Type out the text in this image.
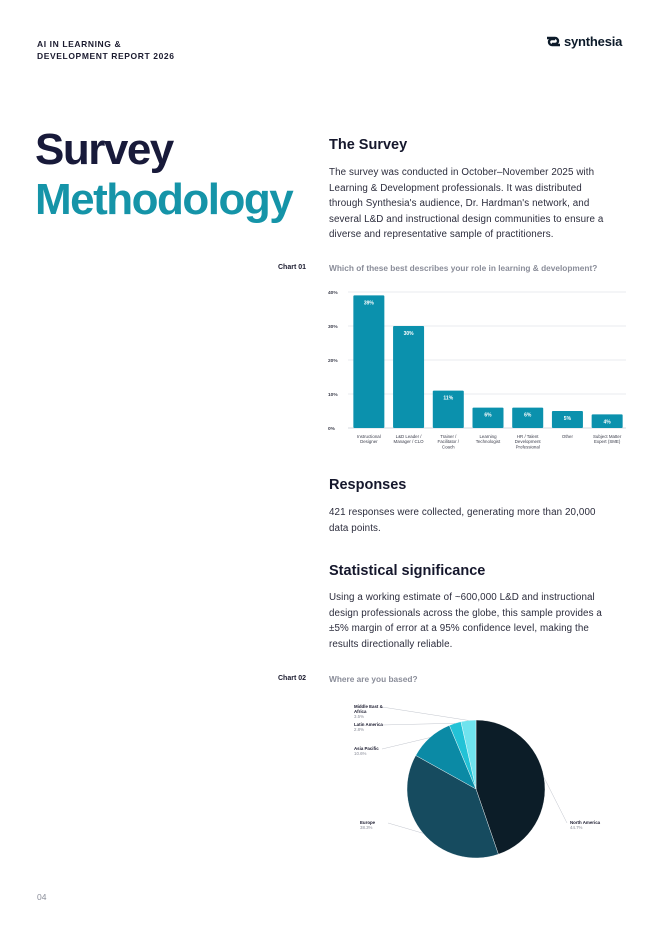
AI IN LEARNING &
DEVELOPMENT REPORT 2026
synthesia
Survey
Methodology
The Survey
The survey was conducted in October–November 2025 with
Learning & Development professionals. It was distributed
through Synthesia's audience, Dr. Hardman's network, and
several L&D and instructional design communities to ensure a
diverse and representative sample of practitioners.
Chart 01	Which of these best describes your role in learning & development?
0%
10%
20%
30%
40%
39%
Instructional Designer
30%
L&D Leader / Manager / CLO
11%
Trainer / Facilitator / Coach
6%
Learning Technologist
6%
HR / Talent Development Professional
5%
Other
4%
Subject Matter Expert (SME)
Responses
421 responses were collected, generating more than 20,000
data points.
Statistical significance
Using a working estimate of ~600,000 L&D and instructional
design professionals across the globe, this sample provides a
±5% margin of error at a 95% confidence level, making the
results directionally reliable.
Chart 02	Where are you based?
North America
44.7%
Europe
38.3%
Asia Pacific
10.6%
Latin America
2.8%
Middle East & Africa
3.5%
04
